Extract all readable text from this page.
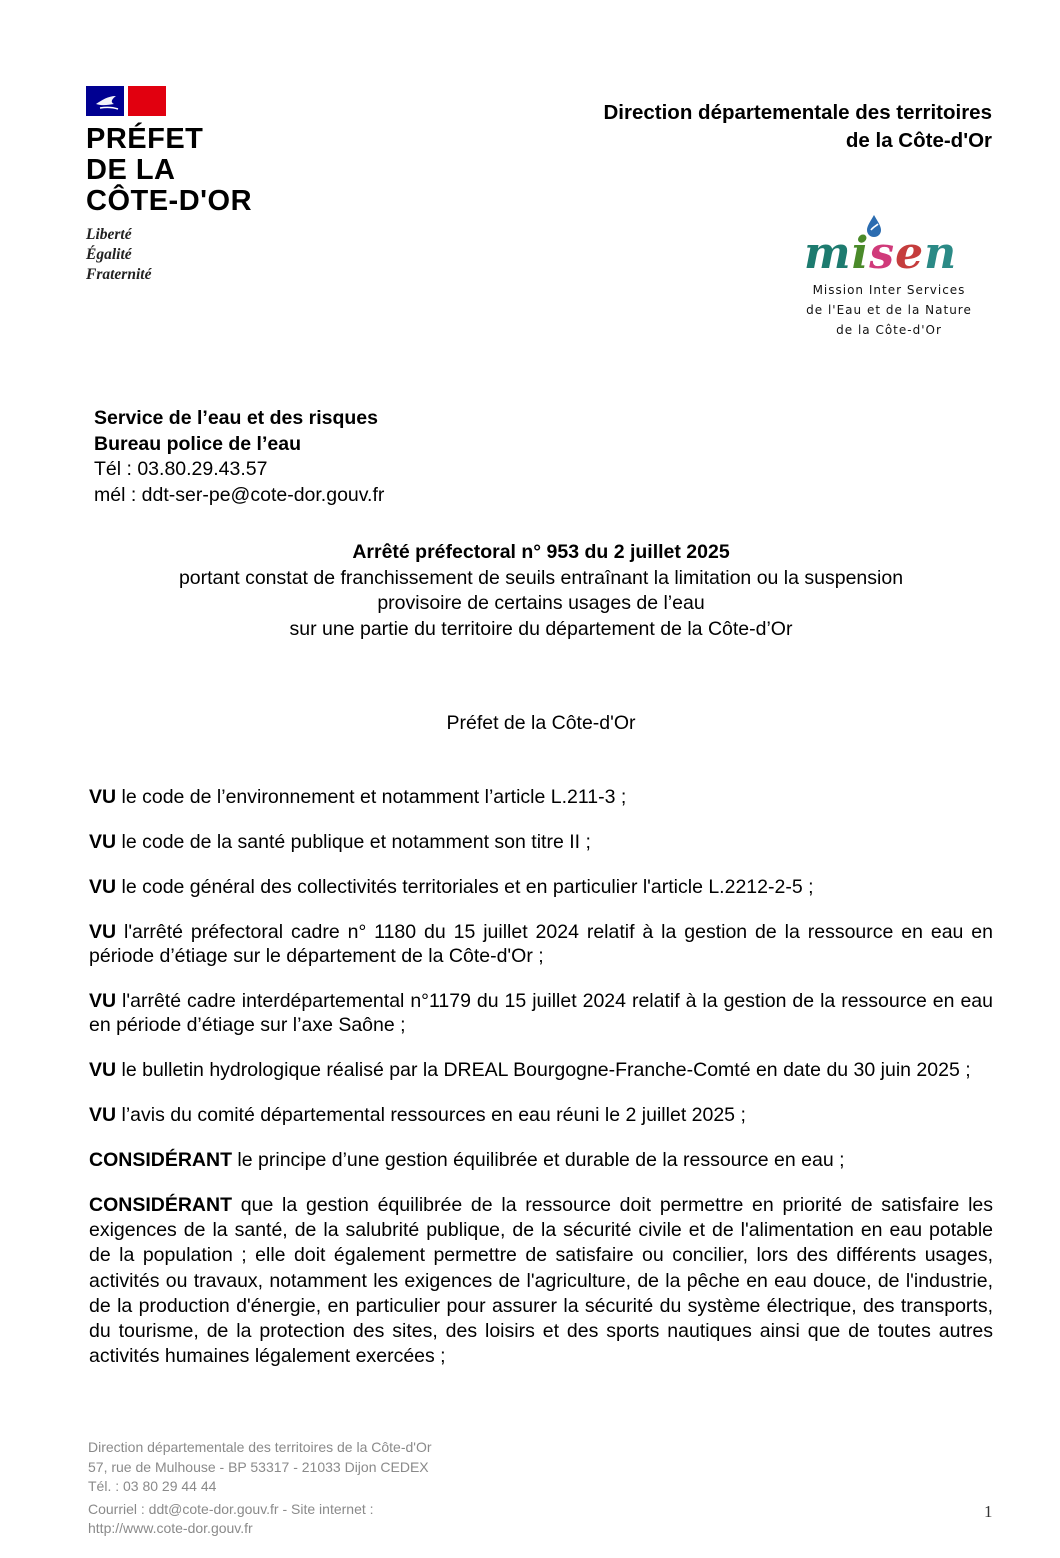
PRÉFET
DE LA
CÔTE-D'OR
Liberté
Égalité
Fraternité
Direction départementale des territoires
de la Côte-d'Or
misen
Mission Inter Services
de l'Eau et de la Nature
de la Côte-d'Or
Service de l’eau et des risques
Bureau police de l’eau
Tél : 03.80.29.43.57
mél : ddt-ser-pe@cote-dor.gouv.fr
Arrêté préfectoral n° 953 du 2 juillet 2025
portant constat de franchissement de seuils entraînant la limitation ou la suspension
provisoire de certains usages de l’eau
sur une partie du territoire du département de la Côte-d’Or
Préfet de la Côte-d'Or

VU le code de l’environnement et notamment l’article L.211-3 ;

VU le code de la santé publique et notamment son titre II ;

VU le code général des collectivités territoriales et en particulier l'article L.2212-2-5 ;

VU l'arrêté préfectoral cadre n° 1180 du 15 juillet 2024 relatif à la gestion de la ressource en eau en période d’étiage sur le département de la Côte-d'Or ;

VU l'arrêté cadre interdépartemental n°1179 du 15 juillet 2024 relatif à la gestion de la ressource en eau en période d’étiage sur l’axe Saône ;

VU le bulletin hydrologique réalisé par la DREAL Bourgogne-Franche-Comté en date du 30 juin 2025 ;

VU l’avis du comité départemental ressources en eau réuni le 2 juillet 2025 ;

CONSIDÉRANT le principe d’une gestion équilibrée et durable de la ressource en eau ;

CONSIDÉRANT que la gestion équilibrée de la ressource doit permettre en priorité de satisfaire les exigences de la santé, de la salubrité publique, de la sécurité civile et de l'alimentation en eau potable de la population ; elle doit également permettre de satisfaire ou concilier, lors des différents usages, activités ou travaux, notamment les exigences de l'agriculture, de la pêche en eau douce, de l'industrie, de la production d'énergie, en particulier pour assurer la sécurité du système électrique, des transports, du tourisme, de la protection des sites, des loisirs et des sports nautiques ainsi que de toutes autres activités humaines légalement exercées ;

Direction départementale des territoires de la Côte-d'Or
57, rue de Mulhouse - BP 53317 - 21033 Dijon CEDEX
Tél. : 03 80 29 44 44
Courriel : ddt@cote-dor.gouv.fr - Site internet :
http://www.cote-dor.gouv.fr
1
